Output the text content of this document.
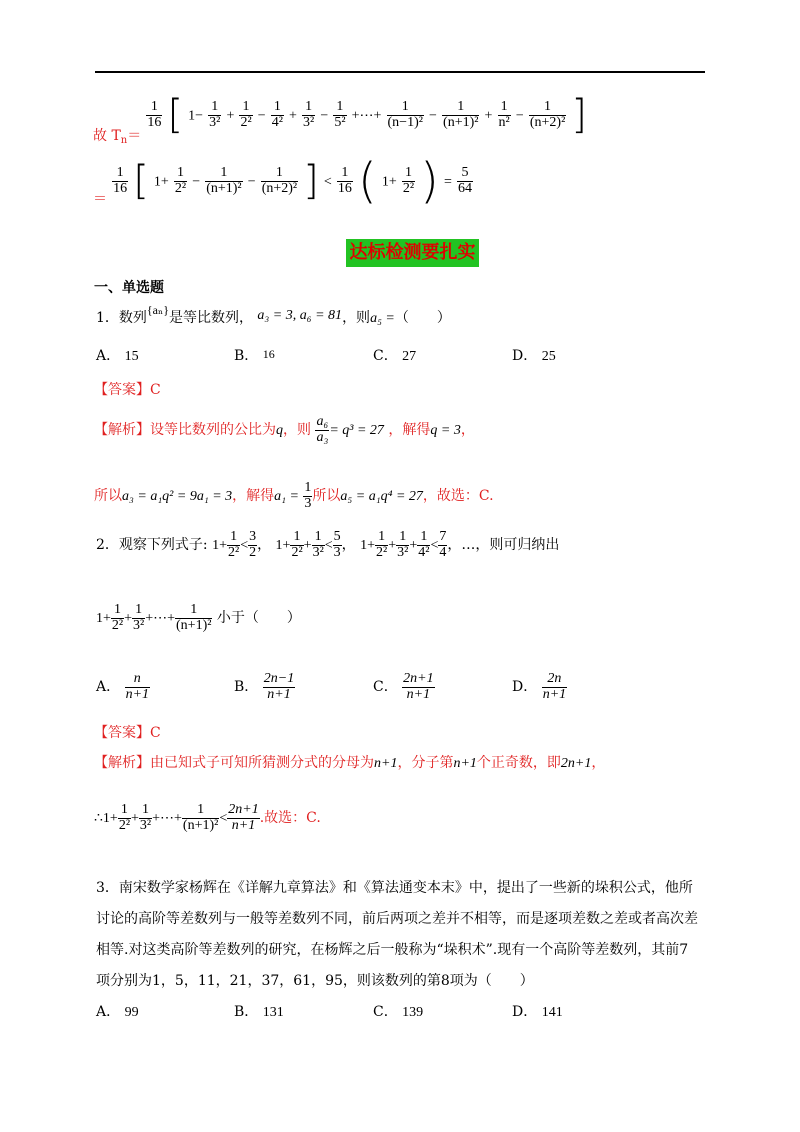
故 $T_n=$
$\frac{1}{16}$ [ $1- \frac{1}{\text{3²}} + \frac{1}{\text{2²}} - \frac{1}{\text{4²}} + \frac{1}{\text{3²}} - \frac{1}{\text{5²}}$ +⋯+ $\frac{1}{\text{(n−1)²}} - \frac{1}{\text{(n+1)²}} + \frac{1}{\text{n²}} - \frac{1}{\text{(n+2)²}}$ ]
＝
$\frac{1}{16}$ [ $1+ \frac{1}{\text{2²}} - \frac{1}{\text{(n+1)²}} - \frac{1}{\text{(n+2)²}}$ ] < $\frac{1}{16}$ ( $1+ \frac{1}{\text{2²}}$ ) = $\frac{5}{64}$
达标检测要扎实
一、单选题
1．数列{aₙ}是等比数列， a₃ = 3, a₆ = 81，则a₅ =（　　）
A． 15	B． 16	C． 27	D． 25
【答案】C
【解析】设等比数列的公比为q，则 $\frac{\text{a₆}}{\text{a₃}} = q^3 = 27$ ，解得q = 3，
所以a₃ = a₁q² = 9a₁ = 3，解得$a_1 = \frac{1}{3}$ 所以a₅ = a₁q⁴ = 27，故选：C.
2．观察下列式子: $1+ \frac{1}{\text{2²}} < \frac{3}{2}$ ， $1+ \frac{1}{\text{2²}} + \frac{1}{\text{3²}} < \frac{5}{3}$ ， $1+ \frac{1}{\text{2²}} + \frac{1}{\text{3²}} + \frac{1}{\text{4²}} < \frac{7}{4}$ ，…，则可归纳出
$1+ \frac{1}{\text{2²}} + \frac{1}{\text{3²}}$ +⋯+ $\frac{1}{\text{(n+1)²}}$ 小于（　　）
A． $\frac{n}{n+1}$	B． $\frac{2n-1}{n+1}$	C． $\frac{2n+1}{n+1}$	D． $\frac{2n}{n+1}$
【答案】C
【解析】由已知式子可知所猜测分式的分母为n+1，分子第n+1个正奇数，即2n+1，
∴1+ $\frac{1}{\text{2²}} + \frac{1}{\text{3²}}$ +⋯+ $\frac{1}{\text{(n+1)²}} < \frac{2n+1}{n+1}$ .故选：C.
3．南宋数学家杨辉在《详解九章算法》和《算法通变本末》中，提出了一些新的垛积公式，他所
讨论的高阶等差数列与一般等差数列不同，前后两项之差并不相等，而是逐项差数之差或者高次差
相等.对这类高阶等差数列的研究，在杨辉之后一般称为“垛积术”.现有一个高阶等差数列，其前7
项分别为1，5，11，21，37，61，95，则该数列的第8项为（　　）
A． 99	B． 131	C． 139	D． 141
